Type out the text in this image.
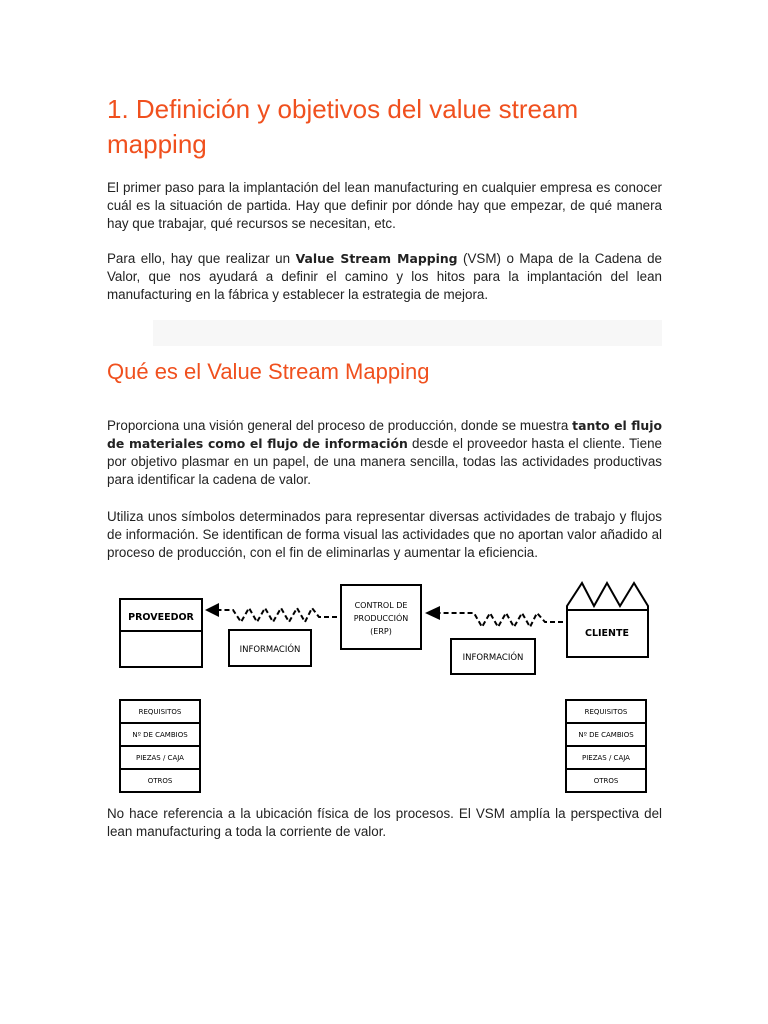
1. Definición y objetivos del value stream mapping

El primer paso para la implantación del lean manufacturing en cualquier empresa es conocer cuál es la situación de partida. Hay que definir por dónde hay que empezar, de qué manera hay que trabajar, qué recursos se necesitan, etc.

Para ello, hay que realizar un Value Stream Mapping (VSM) o Mapa de la Cadena de Valor, que nos ayudará a definir el camino y los hitos para la implantación del lean manufacturing en la fábrica y establecer la estrategia de mejora.

Qué es el Value Stream Mapping

Proporciona una visión general del proceso de producción, donde se muestra tanto el flujo de materiales como el flujo de información desde el proveedor hasta el cliente. Tiene por objetivo plasmar en un papel, de una manera sencilla, todas las actividades productivas para identificar la cadena de valor.

Utiliza unos símbolos determinados para representar diversas actividades de trabajo y flujos de información. Se identifican de forma visual las actividades que no aportan valor añadido al proceso de producción, con el fin de eliminarlas y aumentar la eficiencia.

No hace referencia a la ubicación física de los procesos. El VSM amplía la perspectiva del lean manufacturing a toda la corriente de valor.

PROVEEDOR
CONTROL DE
PRODUCCIÓN
(ERP)	CLIENTE
INFORMACIÓN
INFORMACIÓN
REQUISITOS
Nº DE CAMBIOS
PIEZAS / CAJA
OTROS
REQUISITOS
Nº DE CAMBIOS
PIEZAS / CAJA
OTROS
